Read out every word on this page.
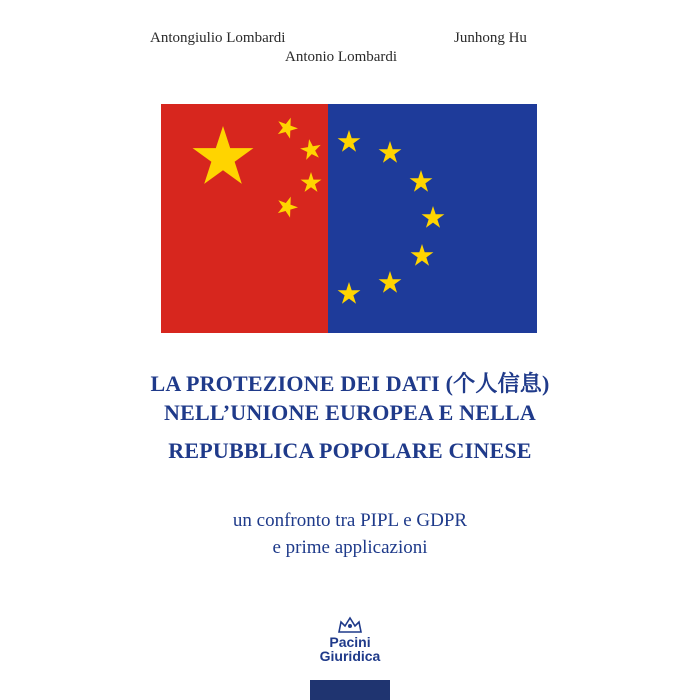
Antongiulio Lombardi	Junhong Hu
Antonio Lombardi
LA PROTEZIONE DEI DATI (个人信息)
NELL’UNIONE EUROPEA E NELLA
REPUBBLICA POPOLARE CINESE
un confronto tra PIPL e GDPR
e prime applicazioni
Pacini
Giuridica
